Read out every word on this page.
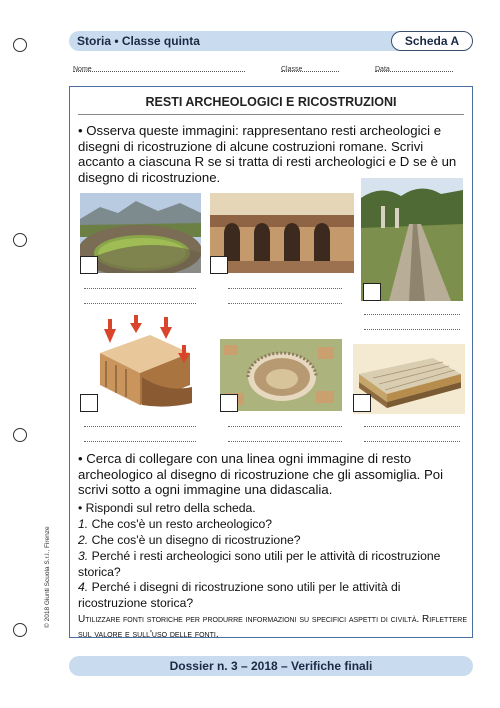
Storia • Classe quinta	Scheda A
Nome	Classe	Data
RESTI ARCHEOLOGICI E RICOSTRUZIONI
• Osserva queste immagini: rappresentano resti archeologici e disegni di ricostruzione di alcune costruzioni romane. Scrivi accanto a ciascuna R se si tratta di resti archeologici e D se è un disegno di ricostruzione.
• Cerca di collegare con una linea ogni immagine di resto archeologico al disegno di ricostruzione che gli assomiglia. Poi scrivi sotto a ogni immagine una didascalia.
• Rispondi sul retro della scheda.
1. Che cos'è un resto archeologico?
2. Che cos'è un disegno di ricostruzione?
3. Perché i resti archeologici sono utili per le attività di ricostruzione storica?
4. Perché i disegni di ricostruzione sono utili per le attività di ricostruzione storica?
Utilizzare fonti storiche per produrre informazioni su specifici aspetti di civiltà. Riflettere sul valore e sull'uso delle fonti.
© 2018 Giunti Scuola S.r.l., Firenze
Dossier n. 3 – 2018 – Verifiche finali
